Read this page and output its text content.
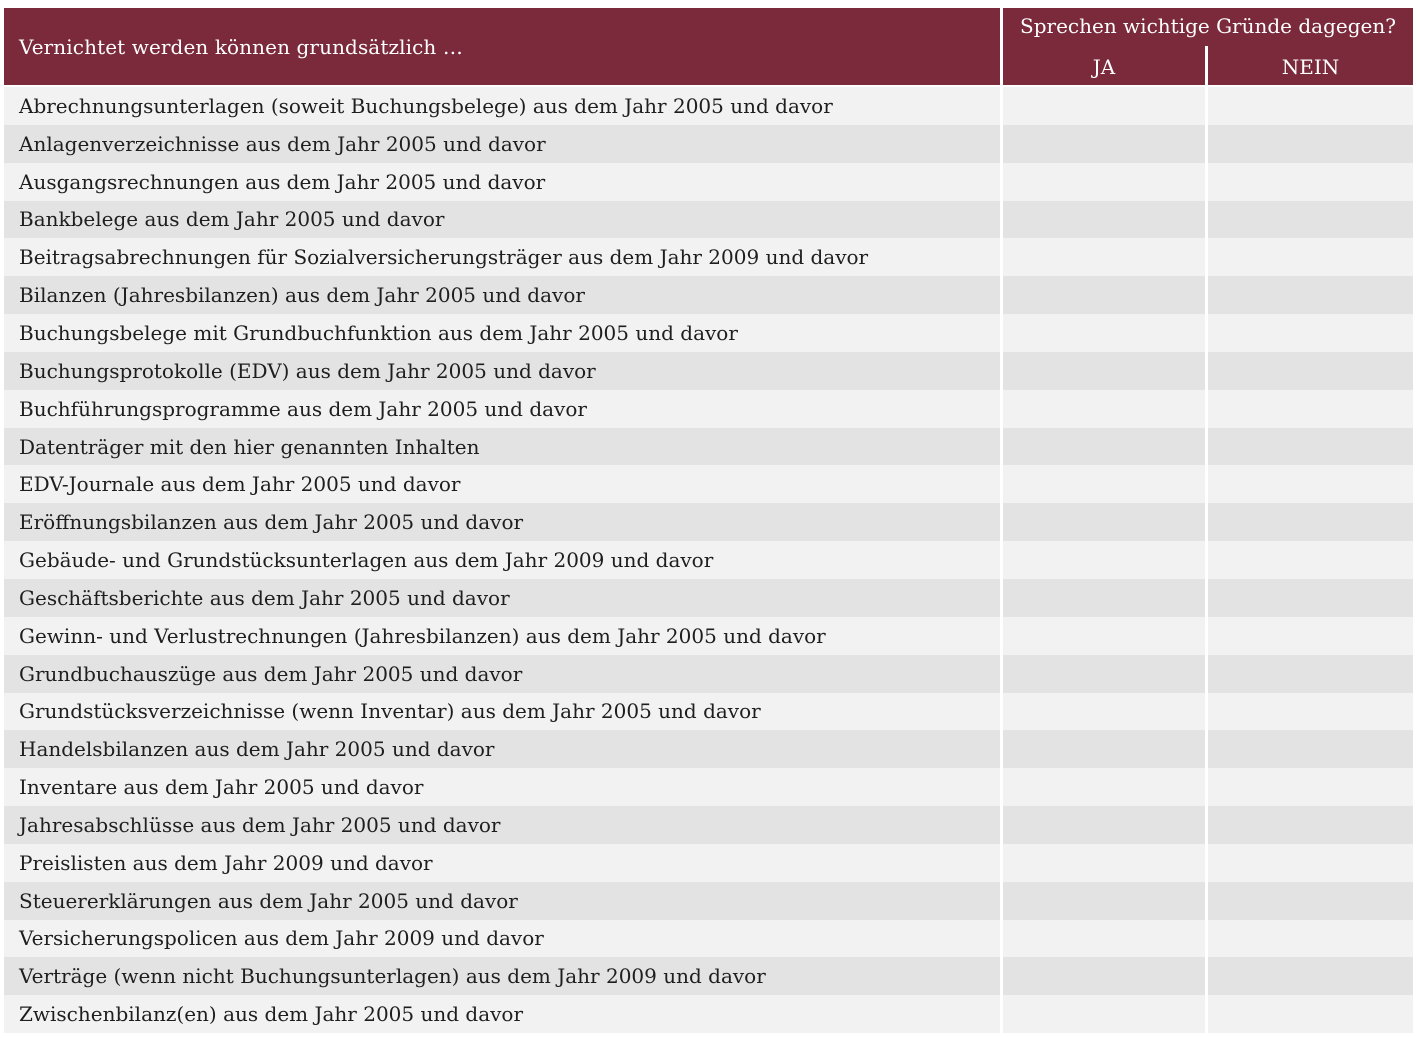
Vernichtet werden können grundsätzlich …
Sprechen wichtige Gründe dagegen?
JA	NEIN
Abrechnungsunterlagen (soweit Buchungsbelege) aus dem Jahr 2005 und davor
Anlagenverzeichnisse aus dem Jahr 2005 und davor
Ausgangsrechnungen aus dem Jahr 2005 und davor
Bankbelege aus dem Jahr 2005 und davor
Beitragsabrechnungen für Sozialversicherungsträger aus dem Jahr 2009 und davor
Bilanzen (Jahresbilanzen) aus dem Jahr 2005 und davor
Buchungsbelege mit Grundbuchfunktion aus dem Jahr 2005 und davor
Buchungsprotokolle (EDV) aus dem Jahr 2005 und davor
Buchführungsprogramme aus dem Jahr 2005 und davor
Datenträger mit den hier genannten Inhalten
EDV-Journale aus dem Jahr 2005 und davor
Eröffnungsbilanzen aus dem Jahr 2005 und davor
Gebäude- und Grundstücksunterlagen aus dem Jahr 2009 und davor
Geschäftsberichte aus dem Jahr 2005 und davor
Gewinn- und Verlustrechnungen (Jahresbilanzen) aus dem Jahr 2005 und davor
Grundbuchauszüge aus dem Jahr 2005 und davor
Grundstücksverzeichnisse (wenn Inventar) aus dem Jahr 2005 und davor
Handelsbilanzen aus dem Jahr 2005 und davor
Inventare aus dem Jahr 2005 und davor
Jahresabschlüsse aus dem Jahr 2005 und davor
Preislisten aus dem Jahr 2009 und davor
Steuererklärungen aus dem Jahr 2005 und davor
Versicherungspolicen aus dem Jahr 2009 und davor
Verträge (wenn nicht Buchungsunterlagen) aus dem Jahr 2009 und davor
Zwischenbilanz(en) aus dem Jahr 2005 und davor
